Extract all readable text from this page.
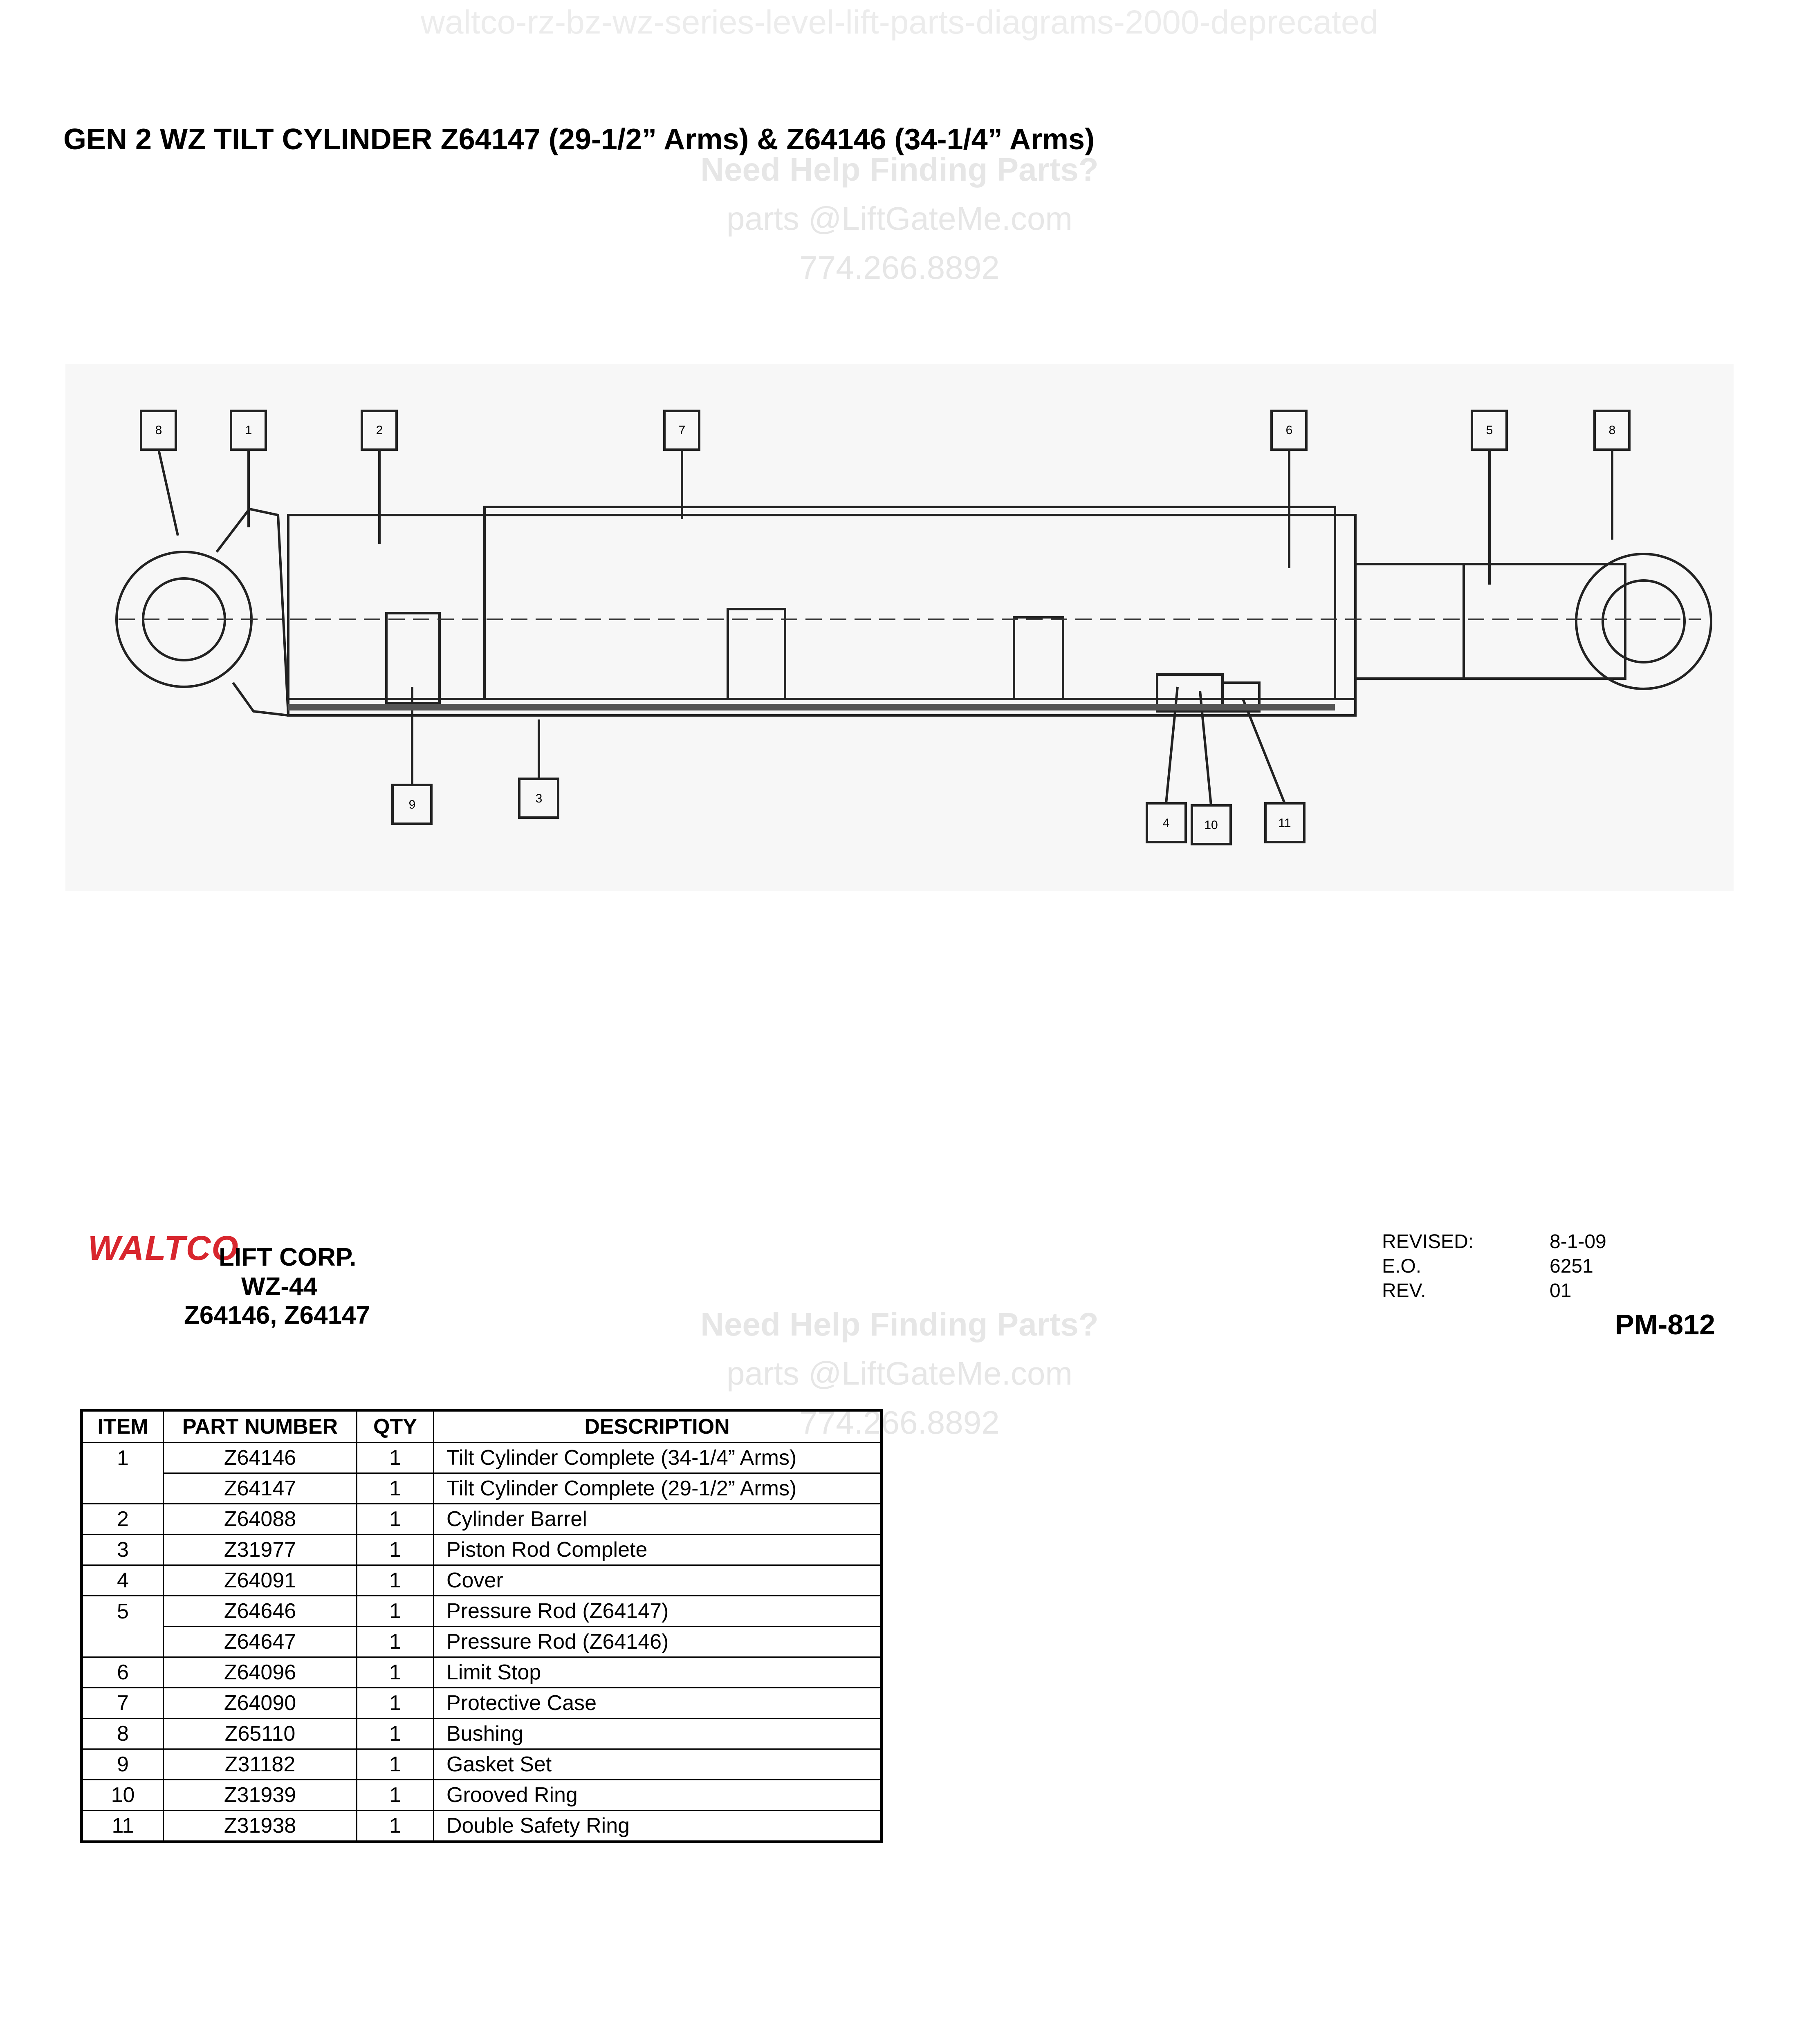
waltco-rz-bz-wz-series-level-lift-parts-diagrams-2000-deprecated
GEN 2 WZ TILT CYLINDER Z64147 (29-1/2” Arms) & Z64146 (34-1/4” Arms)
Need Help Finding Parts?
parts @LiftGateMe.com
774.266.8892
8	1	2	7	6	5	8
9	3
4	10	11
WALTCO
LIFT CORP.
WZ-44
Z64146, Z64147
REVISED:	8-1-09
E.O.	6251
REV.	01
PM-812
Need Help Finding Parts?
parts @LiftGateMe.com
774.266.8892
ITEM	PART NUMBER	QTY	DESCRIPTION
1	Z64146	1	Tilt Cylinder Complete (34-1/4” Arms)
	Z64147	1	Tilt Cylinder Complete (29-1/2” Arms)
2	Z64088	1	Cylinder Barrel
3	Z31977	1	Piston Rod Complete
4	Z64091	1	Cover
5	Z64646	1	Pressure Rod (Z64147)
	Z64647	1	Pressure Rod (Z64146)
6	Z64096	1	Limit Stop
7	Z64090	1	Protective Case
8	Z65110	1	Bushing
9	Z31182	1	Gasket Set
10	Z31939	1	Grooved Ring
11	Z31938	1	Double Safety Ring
